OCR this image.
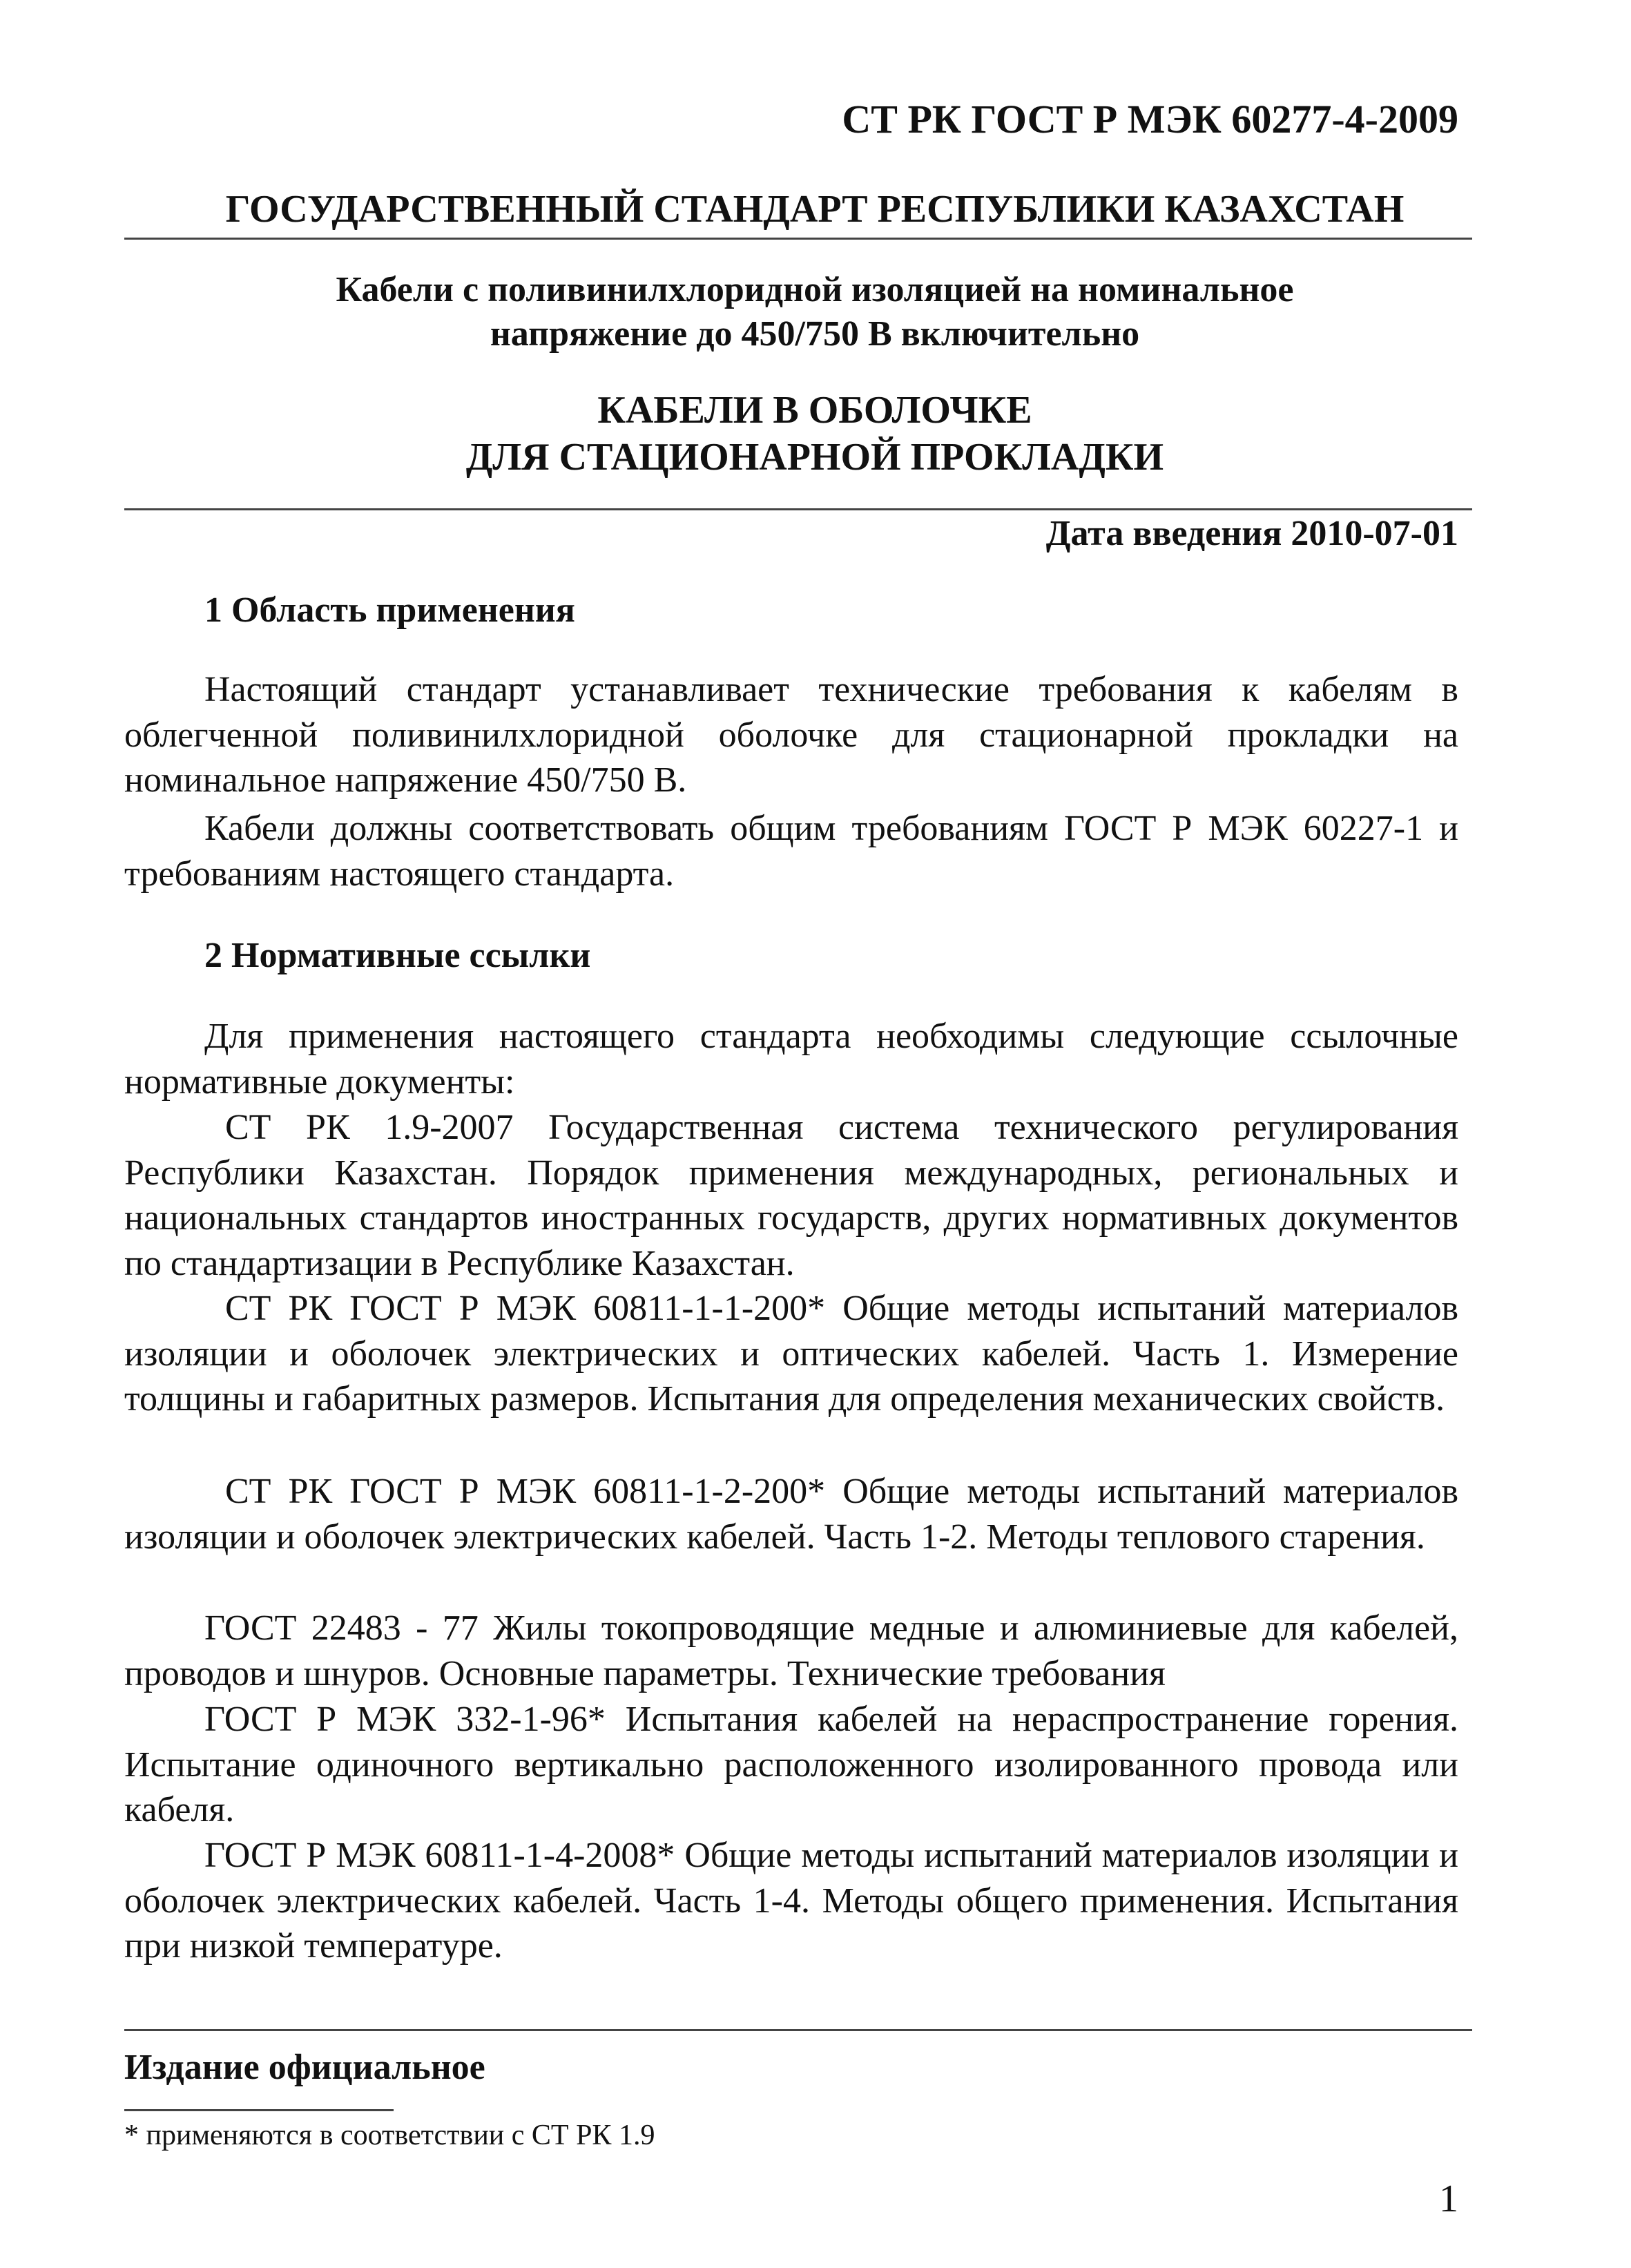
СТ РК ГОСТ Р МЭК 60277-4-2009
ГОСУДАРСТВЕННЫЙ СТАНДАРТ РЕСПУБЛИКИ КАЗАХСТАН
Кабели с поливинилхлоридной изоляцией на номинальное
напряжение до 450/750 В включительно
КАБЕЛИ В ОБОЛОЧКЕ
ДЛЯ СТАЦИОНАРНОЙ ПРОКЛАДКИ
Дата введения 2010-07-01
1 Область применения
Настоящий стандарт устанавливает технические требования к кабелям в облегченной поливинилхлоридной оболочке для стационарной прокладки на номинальное напряжение 450/750 В.
Кабели должны соответствовать общим требованиям ГОСТ Р МЭК 60227-1 и требованиям настоящего стандарта.
2 Нормативные ссылки
Для применения настоящего стандарта необходимы следующие ссылочные нормативные документы:
СТ РК 1.9-2007 Государственная система технического регулирования Республики Казахстан. Порядок применения международных, региональных и национальных стандартов иностранных государств, других нормативных документов по стандартизации в Республике Казахстан.
СТ РК ГОСТ Р МЭК 60811-1-1-200* Общие методы испытаний материалов изоляции и оболочек электрических и оптических кабелей. Часть 1. Измерение толщины и габаритных размеров. Испытания для определения механических свойств.
СТ РК ГОСТ Р МЭК 60811-1-2-200* Общие методы испытаний материалов изоляции и оболочек электрических кабелей. Часть 1-2. Методы теплового старения.
ГОСТ 22483 - 77 Жилы токопроводящие медные и алюминиевые для кабелей, проводов и шнуров. Основные параметры. Технические требования
ГОСТ Р МЭК 332-1-96* Испытания кабелей на нераспространение горения. Испытание одиночного вертикально расположенного изолированного провода или кабеля.
ГОСТ Р МЭК 60811-1-4-2008* Общие методы испытаний материалов изоляции и оболочек электрических кабелей. Часть 1-4. Методы общего применения. Испытания при низкой температуре.
Издание официальное
* применяются в соответствии с СТ РК 1.9
1
